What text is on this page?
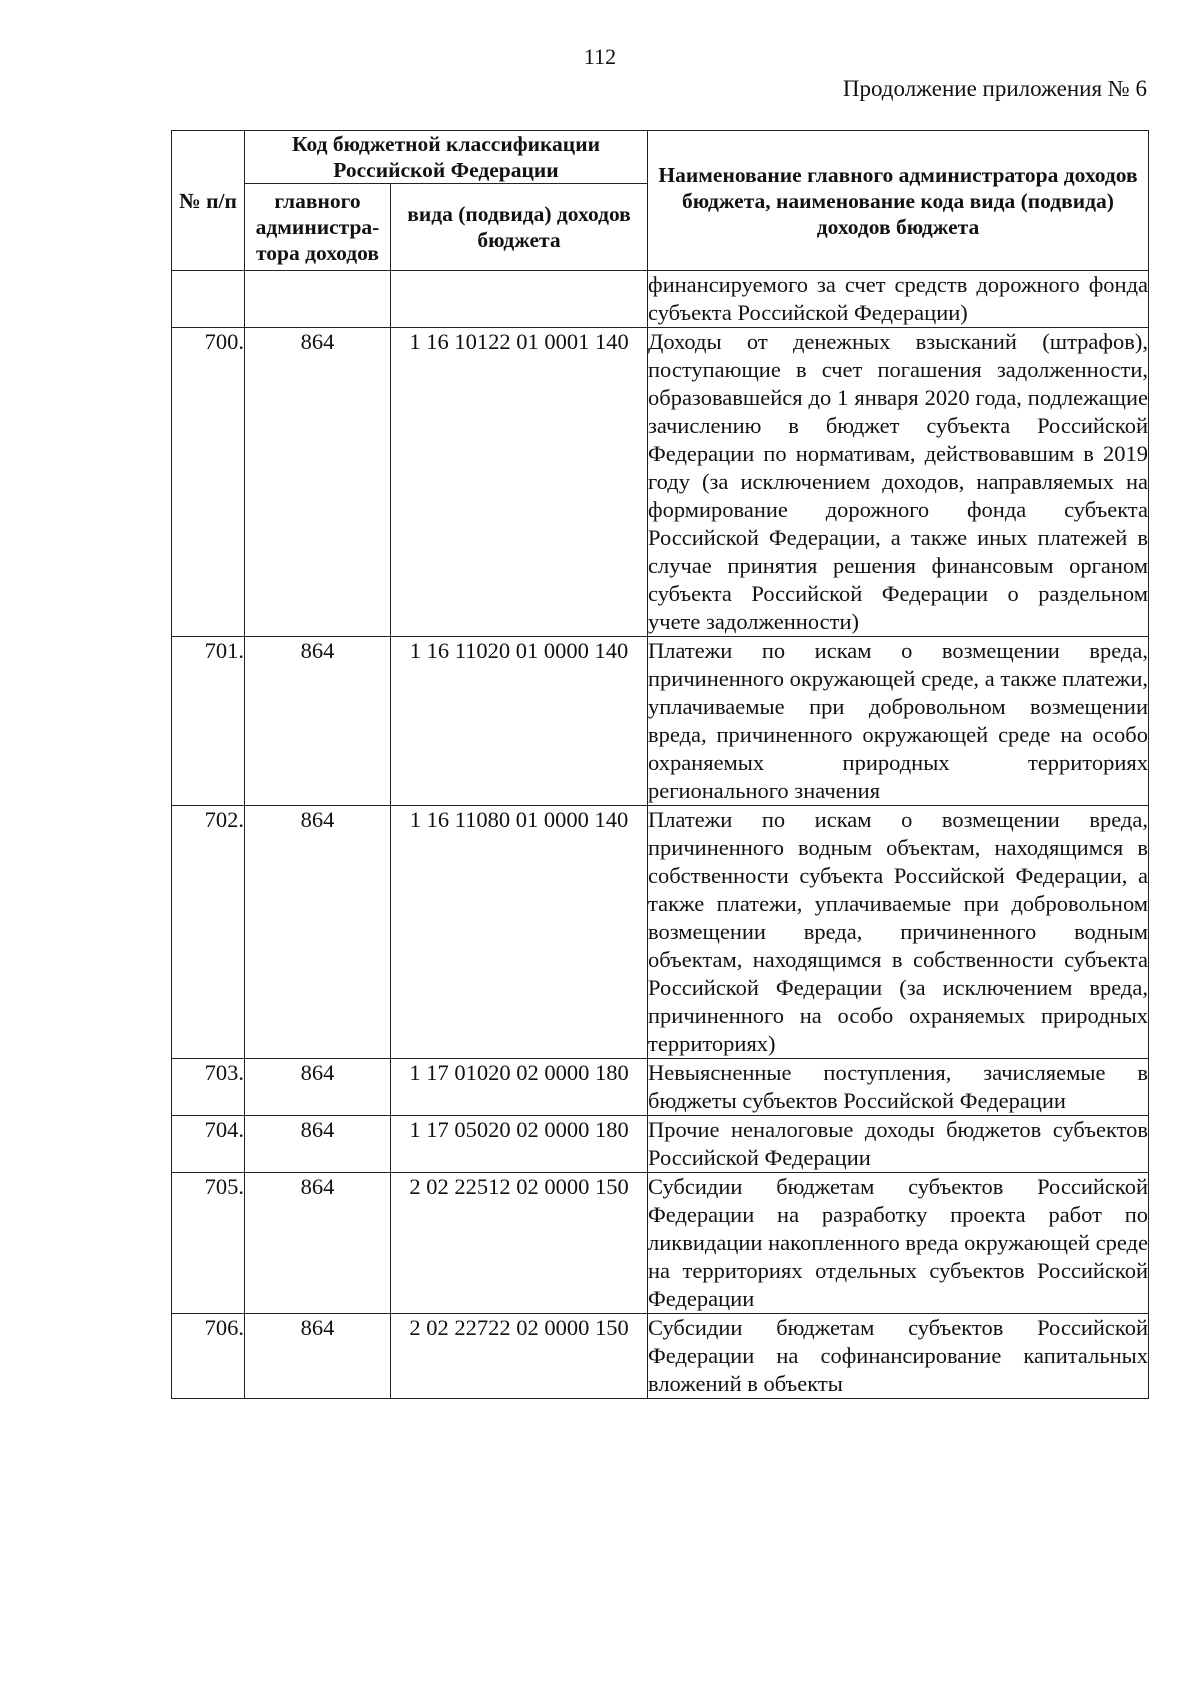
112
Продолжение приложения № 6
№ п/п	Код бюджетной классификации Российской Федерации		Наименование главного администратора доходов бюджета, наименование кода вида (подвида) доходов бюджета
	главного администра-тора доходов	вида (подвида) доходов бюджета	
			финансируемого за счет средств дорожного фонда субъекта Российской Федерации)
700.	864	1 16 10122 01 0001 140	Доходы от денежных взысканий (штрафов), поступающие в счет погашения задолженности, образовавшейся до 1 января 2020 года, подлежащие зачислению в бюджет субъекта Российской Федерации по нормативам, действовавшим в 2019 году (за исключением доходов, направляемых на формирование дорожного фонда субъекта Российской Федерации, а также иных платежей в случае принятия решения финансовым органом субъекта Российской Федерации о раздельном учете задолженности)
701.	864	1 16 11020 01 0000 140	Платежи по искам о возмещении вреда, причиненного окружающей среде, а также платежи, уплачиваемые при добровольном возмещении вреда, причиненного окружающей среде на особо охраняемых природных территориях регионального значения
702.	864	1 16 11080 01 0000 140	Платежи по искам о возмещении вреда, причиненного водным объектам, находящимся в собственности субъекта Российской Федерации, а также платежи, уплачиваемые при добровольном возмещении вреда, причиненного водным объектам, находящимся в собственности субъекта Российской Федерации (за исключением вреда, причиненного на особо охраняемых природных территориях)
703.	864	1 17 01020 02 0000 180	Невыясненные поступления, зачисляемые в бюджеты субъектов Российской Федерации
704.	864	1 17 05020 02 0000 180	Прочие неналоговые доходы бюджетов субъектов Российской Федерации
705.	864	2 02 22512 02 0000 150	Субсидии бюджетам субъектов Российской Федерации на разработку проекта работ по ликвидации накопленного вреда окружающей среде на территориях отдельных субъектов Российской Федерации
706.	864	2 02 22722 02 0000 150	Субсидии бюджетам субъектов Российской Федерации на софинансирование капитальных вложений в объекты
